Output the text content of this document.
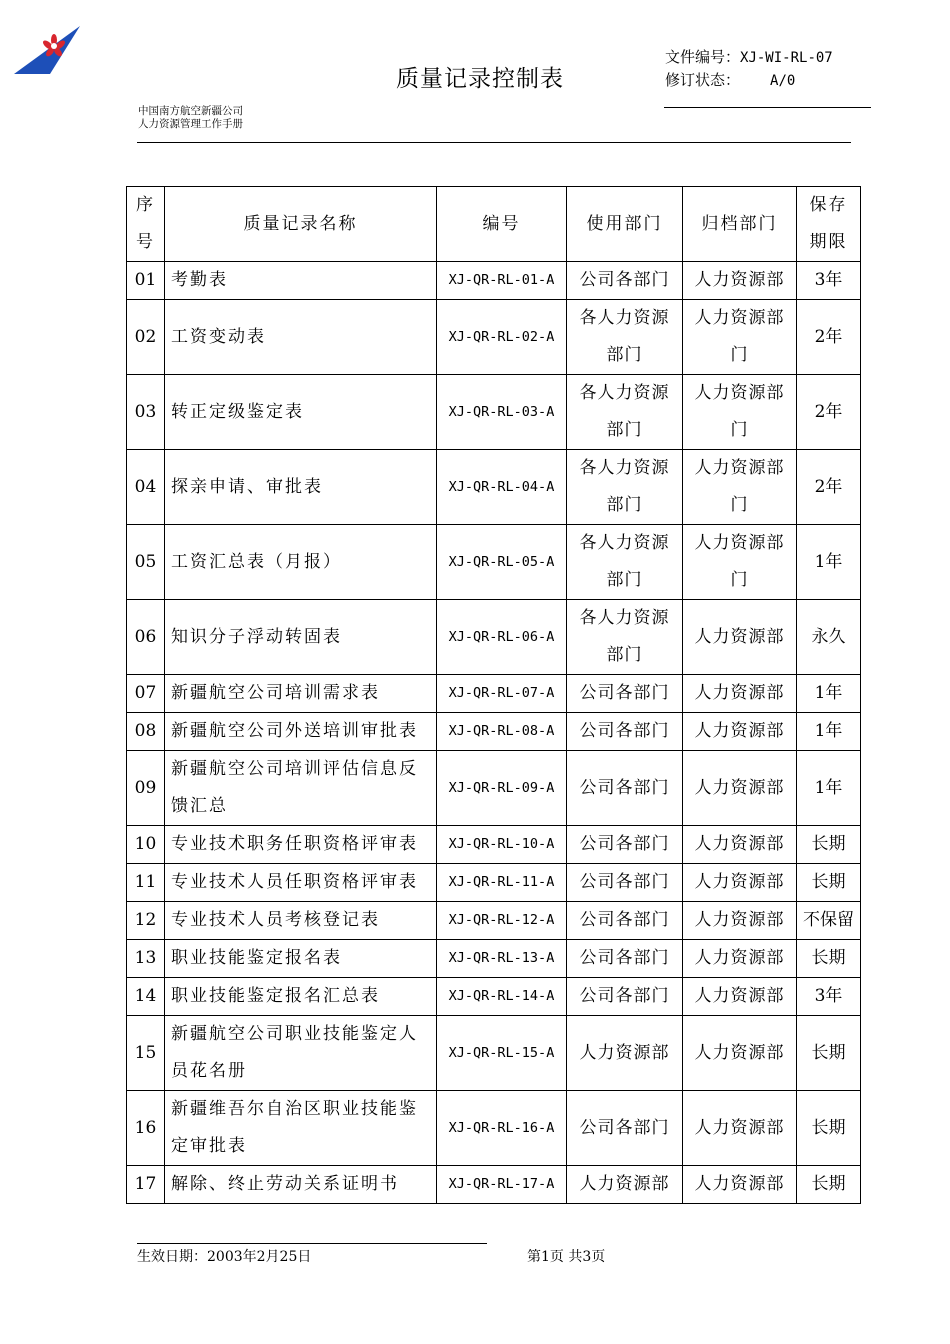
质量记录控制表
文件编号：XJ-WI-RL-07
修订状态： A/0
中国南方航空新疆公司
人力资源管理工作手册
序号	质量记录名称	编号	使用部门	归档部门	保存期限
01	考勤表	XJ-QR-RL-01-A	公司各部门	人力资源部	3年
02	工资变动表	XJ-QR-RL-02-A	各人力资源部门	人力资源部门	2年
03	转正定级鉴定表	XJ-QR-RL-03-A	各人力资源部门	人力资源部门	2年
04	探亲申请、审批表	XJ-QR-RL-04-A	各人力资源部门	人力资源部门	2年
05	工资汇总表（月报）	XJ-QR-RL-05-A	各人力资源部门	人力资源部门	1年
06	知识分子浮动转固表	XJ-QR-RL-06-A	各人力资源部门	人力资源部	永久
07	新疆航空公司培训需求表	XJ-QR-RL-07-A	公司各部门	人力资源部	1年
08	新疆航空公司外送培训审批表	XJ-QR-RL-08-A	公司各部门	人力资源部	1年
09	新疆航空公司培训评估信息反馈汇总	XJ-QR-RL-09-A	公司各部门	人力资源部	1年
10	专业技术职务任职资格评审表	XJ-QR-RL-10-A	公司各部门	人力资源部	长期
11	专业技术人员任职资格评审表	XJ-QR-RL-11-A	公司各部门	人力资源部	长期
12	专业技术人员考核登记表	XJ-QR-RL-12-A	公司各部门	人力资源部	不保留
13	职业技能鉴定报名表	XJ-QR-RL-13-A	公司各部门	人力资源部	长期
14	职业技能鉴定报名汇总表	XJ-QR-RL-14-A	公司各部门	人力资源部	3年
15	新疆航空公司职业技能鉴定人员花名册	XJ-QR-RL-15-A	人力资源部	人力资源部	长期
16	新疆维吾尔自治区职业技能鉴定审批表	XJ-QR-RL-16-A	公司各部门	人力资源部	长期
17	解除、终止劳动关系证明书	XJ-QR-RL-17-A	人力资源部	人力资源部	长期
生效日期：2003年2月25日	第1页 共3页
